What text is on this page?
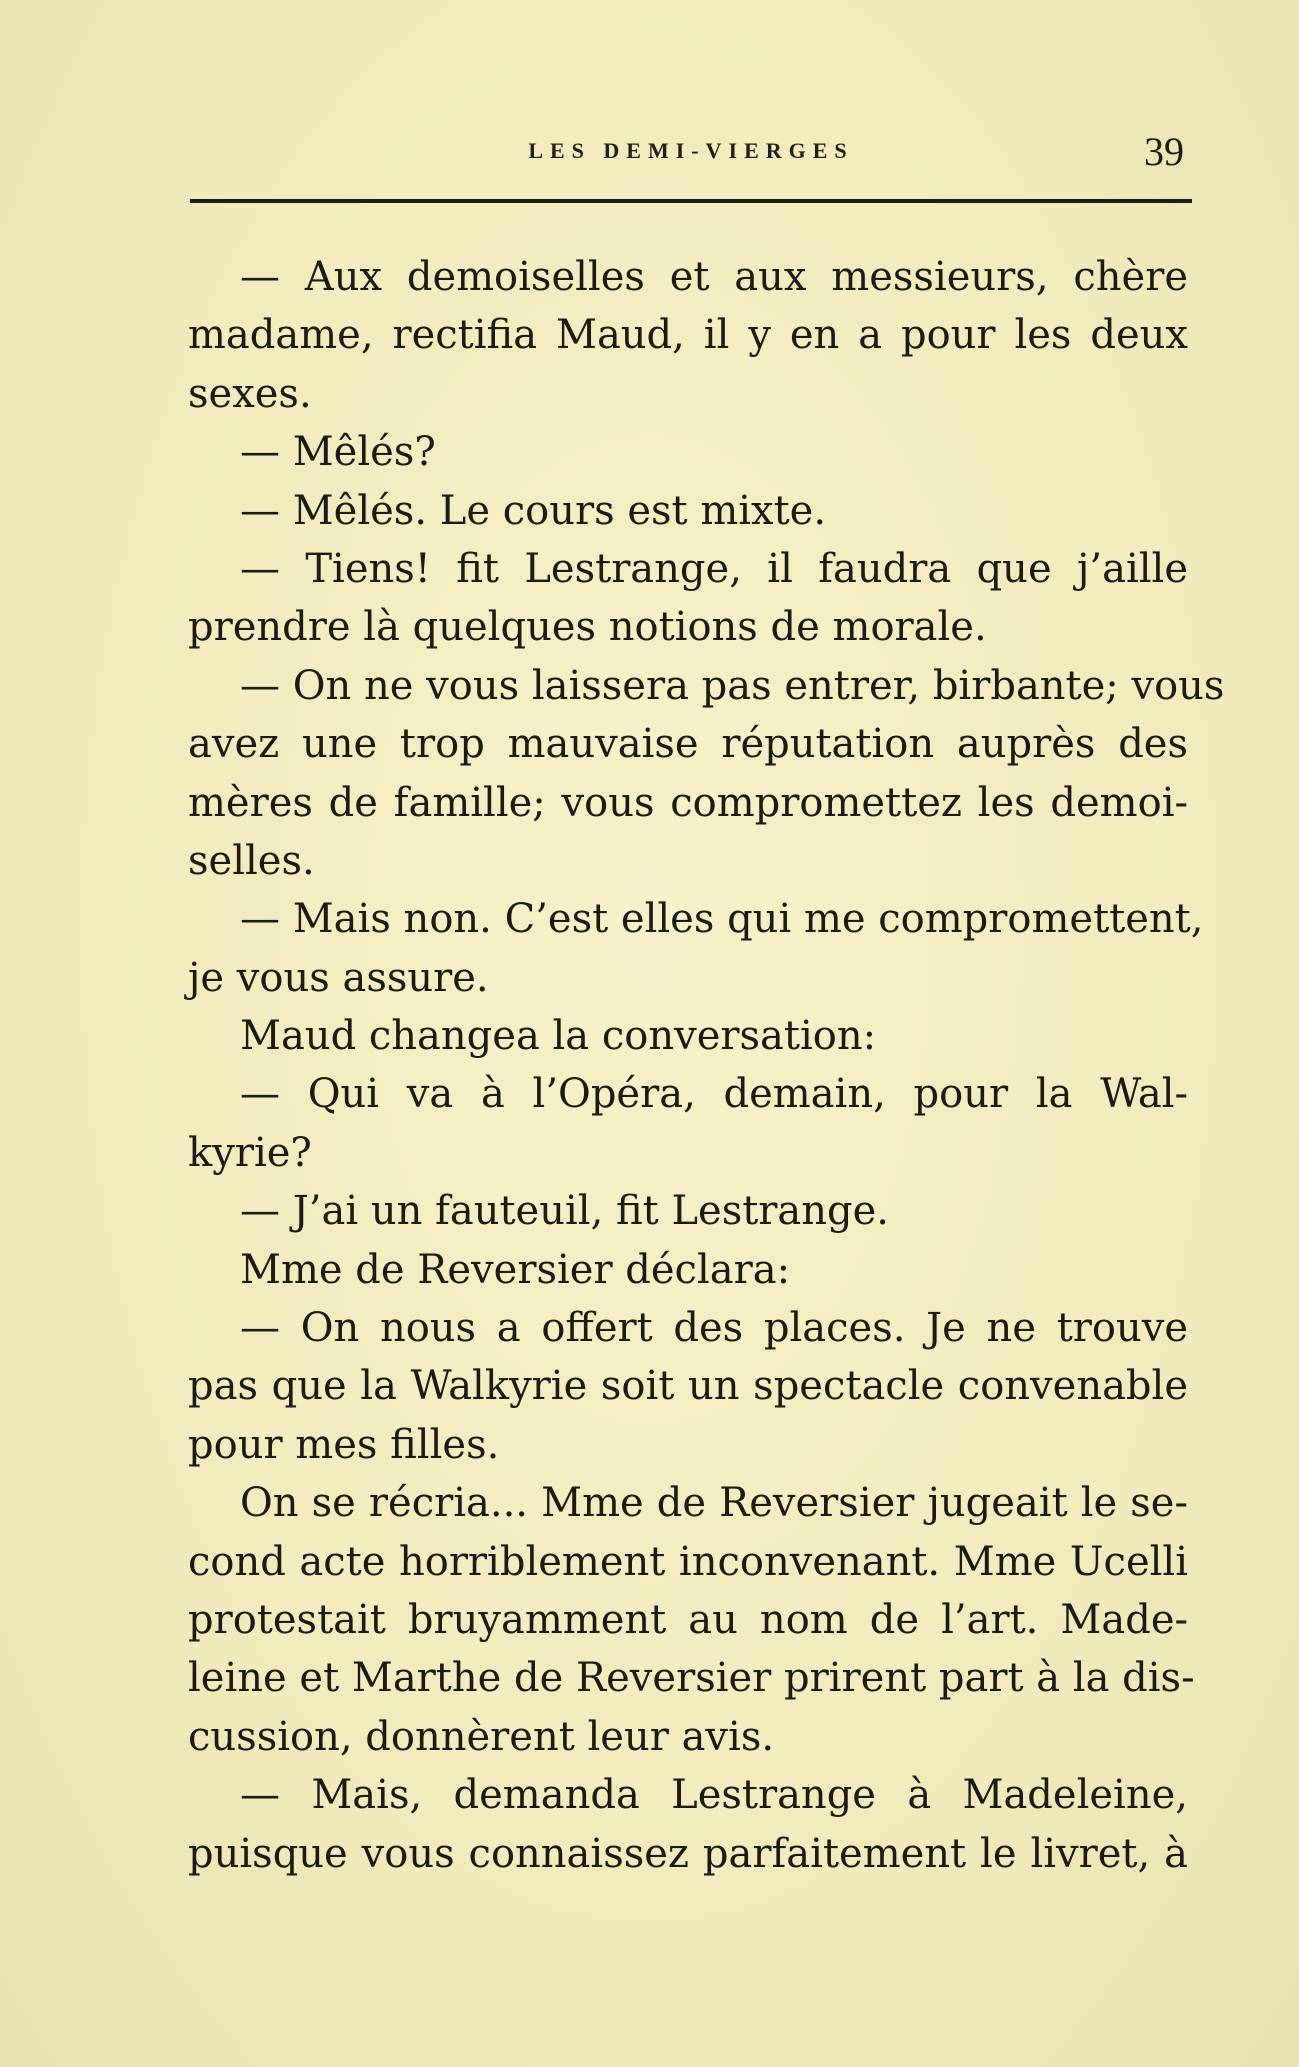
LES DEMI-VIERGES	39
— Aux demoiselles et aux messieurs, chère
madame, rectifia Maud, il y en a pour les deux
sexes.
— Mêlés?
— Mêlés. Le cours est mixte.
— Tiens! fit Lestrange, il faudra que j’aille
prendre là quelques notions de morale.
— On ne vous laissera pas entrer, birbante; vous
avez une trop mauvaise réputation auprès des
mères de famille; vous compromettez les demoi-
selles.
— Mais non. C’est elles qui me compromettent,
je vous assure.
Maud changea la conversation:
— Qui va à l’Opéra, demain, pour la Wal-
kyrie?
— J’ai un fauteuil, fit Lestrange.
Mme de Reversier déclara:
— On nous a offert des places. Je ne trouve
pas que la Walkyrie soit un spectacle convenable
pour mes filles.
On se récria... Mme de Reversier jugeait le se-
cond acte horriblement inconvenant. Mme Ucelli
protestait bruyamment au nom de l’art. Made-
leine et Marthe de Reversier prirent part à la dis-
cussion, donnèrent leur avis.
— Mais, demanda Lestrange à Madeleine,
puisque vous connaissez parfaitement le livret, à
